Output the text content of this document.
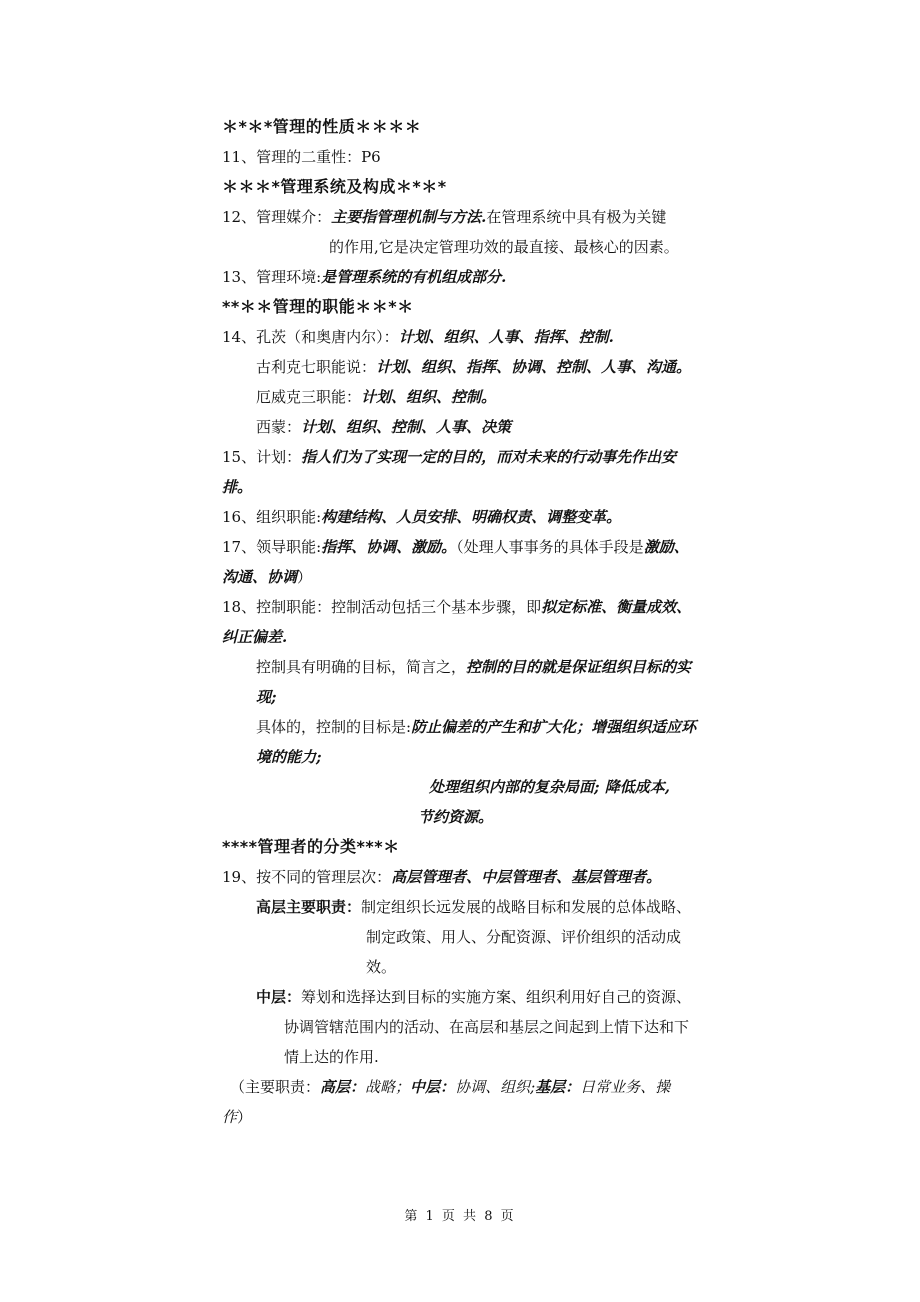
＊*＊*管理的性质＊＊＊＊
11、管理的二重性：P6
＊＊＊*管理系统及构成＊*＊*
12、管理媒介：主要指管理机制与方法.在管理系统中具有极为关键
的作用,它是决定管理功效的最直接、最核心的因素。
13、管理环境:是管理系统的有机组成部分.
**＊＊管理的职能＊＊*＊
14、孔茨（和奥唐内尔）：计划、组织、人事、指挥、控制.
古利克七职能说：计划、组织、指挥、协调、控制、人事、沟通。
厄威克三职能：计划、组织、控制。
西蒙：计划、组织、控制、人事、决策
15、计划：指人们为了实现一定的目的，而对未来的行动事先作出安排。
16、组织职能:构建结构、人员安排、明确权责、调整变革。
17、领导职能:指挥、协调、激励。（处理人事事务的具体手段是激励、沟通、协调）
18、控制职能：控制活动包括三个基本步骤，即拟定标准、衡量成效、纠正偏差.
控制具有明确的目标，简言之，控制的目的就是保证组织目标的实现;
具体的，控制的目标是:防止偏差的产生和扩大化；增强组织适应环境的能力;
处理组织内部的复杂局面; 降低成本,
节约资源。
****管理者的分类***＊
19、按不同的管理层次：高层管理者、中层管理者、基层管理者。
高层主要职责：制定组织长远发展的战略目标和发展的总体战略、制定政策、用人、分配资源、评价组织的活动成效。
中层：筹划和选择达到目标的实施方案、组织利用好自己的资源、协调管辖范围内的活动、在高层和基层之间起到上情下达和下情上达的作用.
（主要职责：高层：战略；中层：协调、组织;基层：日常业务、操作）
第 1 页 共 8 页
